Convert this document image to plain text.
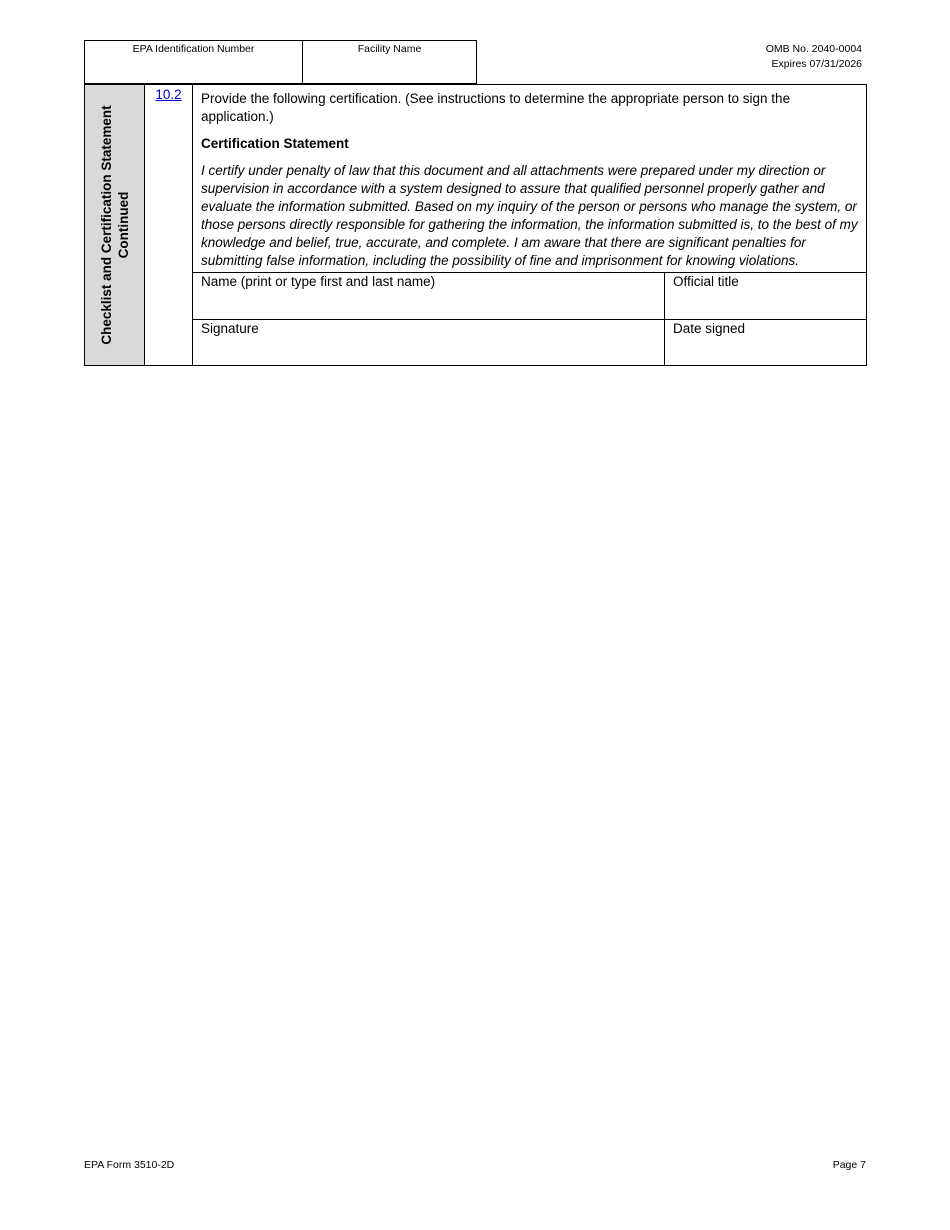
EPA Identification Number	Facility Name	OMB No. 2040-0004
Expires 07/31/2026
Checklist and Certification Statement Continued
10.2	Provide the following certification. (See instructions to determine the appropriate person to sign the application.)

Certification Statement

I certify under penalty of law that this document and all attachments were prepared under my direction or supervision in accordance with a system designed to assure that qualified personnel properly gather and evaluate the information submitted. Based on my inquiry of the person or persons who manage the system, or those persons directly responsible for gathering the information, the information submitted is, to the best of my knowledge and belief, true, accurate, and complete. I am aware that there are significant penalties for submitting false information, including the possibility of fine and imprisonment for knowing violations.

Name (print or type first and last name)	Official title
Signature	Date signed
EPA Form 3510-2D	Page 7
